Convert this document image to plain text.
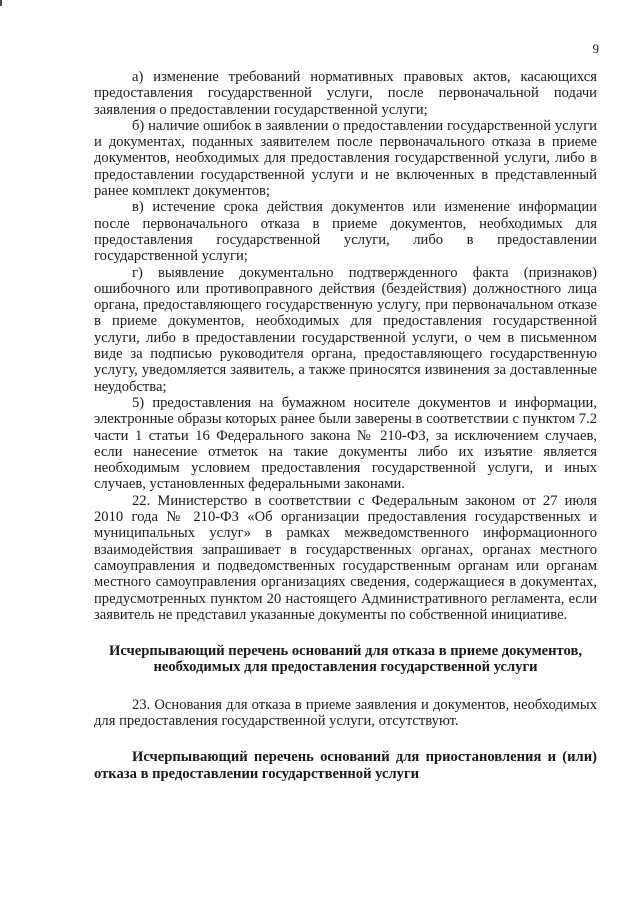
9

а) изменение требований нормативных правовых актов, касающихся предоставления государственной услуги, после первоначальной подачи заявления о предоставлении государственной услуги;

б) наличие ошибок в заявлении о предоставлении государственной услуги и документах, поданных заявителем после первоначального отказа в приеме документов, необходимых для предоставления государственной услуги, либо в предоставлении государственной услуги и не включенных в представленный ранее комплект документов;

в) истечение срока действия документов или изменение информации после первоначального отказа в приеме документов, необходимых для предоставления государственной услуги, либо в предоставлении государственной услуги;

г) выявление документально подтвержденного факта (признаков) ошибочного или противоправного действия (бездействия) должностного лица органа, предоставляющего государственную услугу, при первоначальном отказе в приеме документов, необходимых для предоставления государственной услуги, либо в предоставлении государственной услуги, о чем в письменном виде за подписью руководителя органа, предоставляющего государственную услугу, уведомляется заявитель, а также приносятся извинения за доставленные неудобства;

5) предоставления на бумажном носителе документов и информации, электронные образы которых ранее были заверены в соответствии с пунктом 7.2 части 1 статьи 16 Федерального закона № 210-ФЗ, за исключением случаев, если нанесение отметок на такие документы либо их изъятие является необходимым условием предоставления государственной услуги, и иных случаев, установленных федеральными законами.

22. Министерство в соответствии с Федеральным законом от 27 июля 2010 года № 210-ФЗ «Об организации предоставления государственных и муниципальных услуг» в рамках межведомственного информационного взаимодействия запрашивает в государственных органах, органах местного самоуправления и подведомственных государственным органам или органам местного самоуправления организациях сведения, содержащиеся в документах, предусмотренных пунктом 20 настоящего Административного регламента, если заявитель не представил указанные документы по собственной инициативе.

Исчерпывающий перечень оснований для отказа в приеме документов, необходимых для предоставления государственной услуги

23. Основания для отказа в приеме заявления и документов, необходимых для предоставления государственной услуги, отсутствуют.

Исчерпывающий перечень оснований для приостановления и (или) отказа в предоставлении государственной услуги
